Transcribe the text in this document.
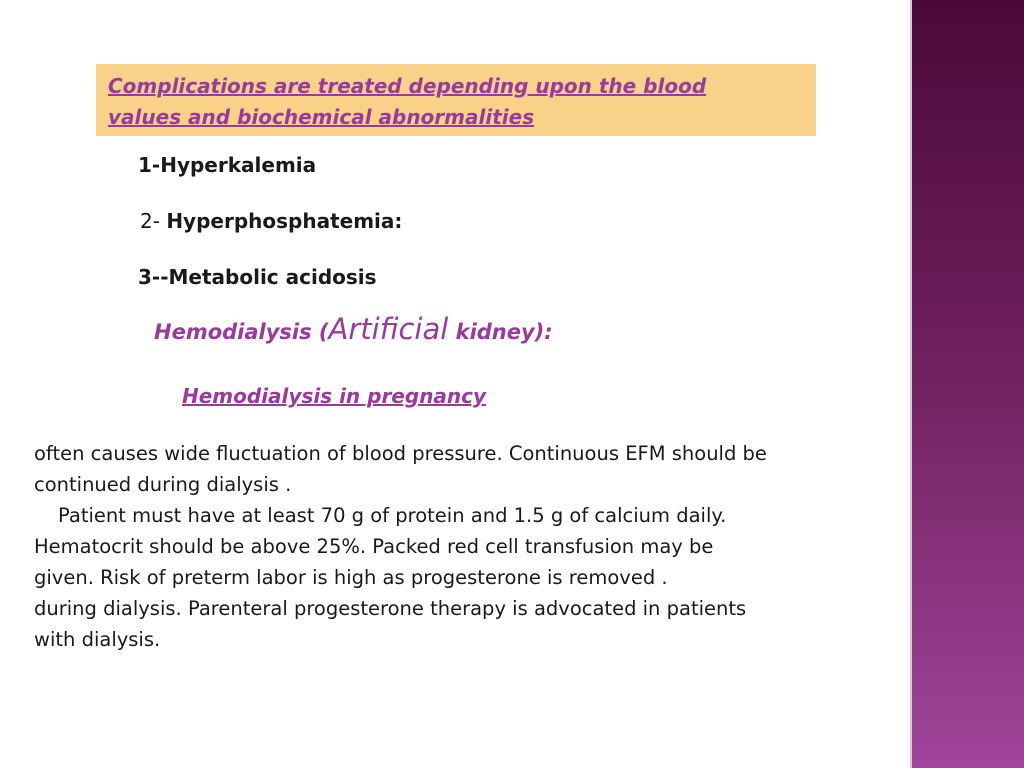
Complications are treated depending upon the blood
values and biochemical abnormalities

1-Hyperkalemia
2- Hyperphosphatemia:
3--Metabolic acidosis
Hemodialysis (Artificial kidney):
Hemodialysis in pregnancy
often causes wide fluctuation of blood pressure. Continuous EFM should be
continued during dialysis .
Patient must have at least 70 g of protein and 1.5 g of calcium daily.
Hematocrit should be above 25%. Packed red cell transfusion may be
given. Risk of preterm labor is high as progesterone is removed .
during dialysis. Parenteral progesterone therapy is advocated in patients
with dialysis.
